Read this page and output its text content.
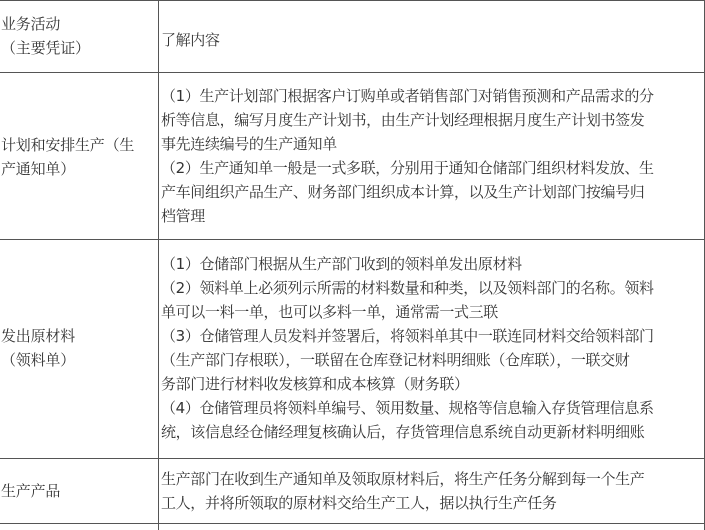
业务活动

（主要凭证）	了解内容

计划和安排生产（生

产通知单）

（1）生产计划部门根据客户订购单或者销售部门对销售预测和产品需求的分

析等信息，编写月度生产计划书，由生产计划经理根据月度生产计划书签发

事先连续编号的生产通知单

（2）生产通知单一般是一式多联，分别用于通知仓储部门组织材料发放、生

产车间组织产品生产、财务部门组织成本计算，以及生产计划部门按编号归

档管理

发出原材料

（领料单）

（1）仓储部门根据从生产部门收到的领料单发出原材料

（2）领料单上必须列示所需的材料数量和种类，以及领料部门的名称。领料

单可以一料一单，也可以多料一单，通常需一式三联

（3）仓储管理人员发料并签署后，将领料单其中一联连同材料交给领料部门

（生产部门存根联），一联留在仓库登记材料明细账（仓库联），一联交财

务部门进行材料收发核算和成本核算（财务联）

（4）仓储管理员将领料单编号、领用数量、规格等信息输入存货管理信息系

统，该信息经仓储经理复核确认后，存货管理信息系统自动更新材料明细账

生产产品

生产部门在收到生产通知单及领取原材料后，将生产任务分解到每一个生产

工人，并将所领取的原材料交给生产工人，据以执行生产任务
